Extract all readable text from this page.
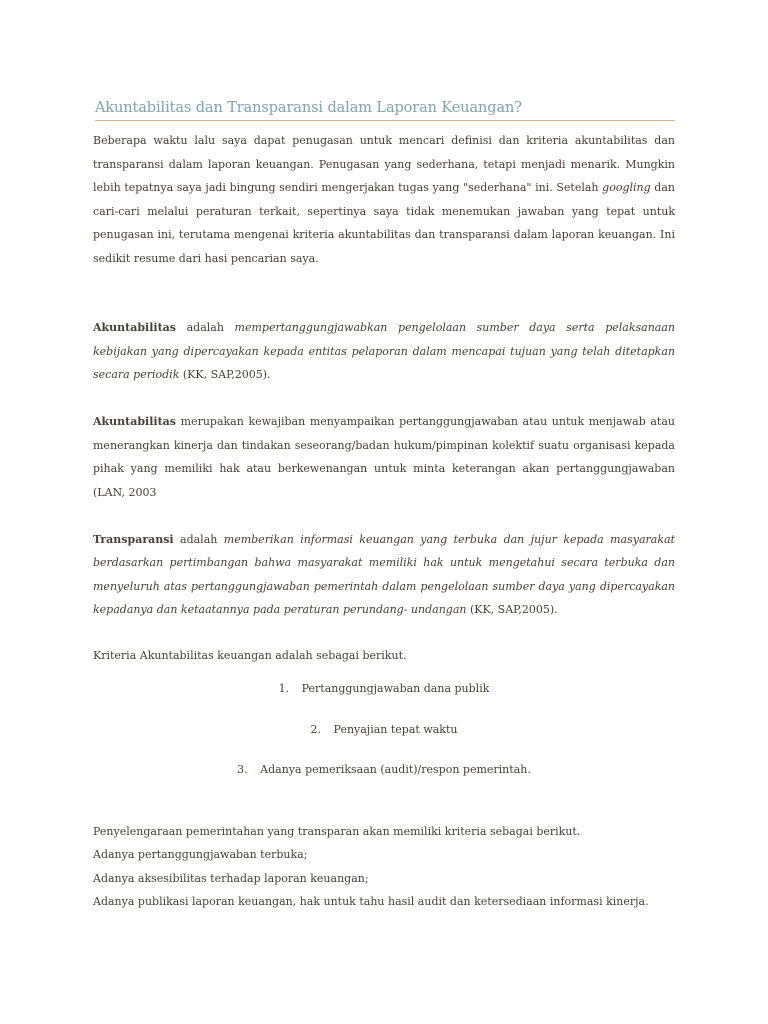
Akuntabilitas dan Transparansi dalam Laporan Keuangan?

Beberapa waktu lalu saya dapat penugasan untuk mencari definisi dan kriteria akuntabilitas dan transparansi dalam laporan keuangan. Penugasan yang sederhana, tetapi menjadi menarik. Mungkin lebih tepatnya saya jadi bingung sendiri mengerjakan tugas yang "sederhana" ini. Setelah googling dan cari-cari melalui peraturan terkait, sepertinya saya tidak menemukan jawaban yang tepat untuk penugasan ini, terutama mengenai kriteria akuntabilitas dan transparansi dalam laporan keuangan. Ini sedikit resume dari hasi pencarian saya.

Akuntabilitas adalah mempertanggungjawabkan pengelolaan sumber daya serta pelaksanaan kebijakan yang dipercayakan kepada entitas pelaporan dalam mencapai tujuan yang telah ditetapkan secara periodik (KK, SAP,2005).

Akuntabilitas merupakan kewajiban menyampaikan pertanggungjawaban atau untuk menjawab atau menerangkan kinerja dan tindakan seseorang/badan hukum/pimpinan kolektif suatu organisasi kepada pihak yang memiliki hak atau berkewenangan untuk minta keterangan akan pertanggungjawaban (LAN, 2003

Transparansi adalah memberikan informasi keuangan yang terbuka dan jujur kepada masyarakat berdasarkan pertimbangan bahwa masyarakat memiliki hak untuk mengetahui secara terbuka dan menyeluruh atas pertanggungjawaban pemerintah dalam pengelolaan sumber daya yang dipercayakan kepadanya dan ketaatannya pada peraturan perundang- undangan (KK, SAP,2005).

Kriteria Akuntabilitas keuangan adalah sebagai berikut.

1. Pertanggungjawaban dana publik
2. Penyajian tepat waktu
3. Adanya pemeriksaan (audit)/respon pemerintah.

Penyelengaraan pemerintahan yang transparan akan memiliki kriteria sebagai berikut.

Adanya pertanggungjawaban terbuka;

Adanya aksesibilitas terhadap laporan keuangan;

Adanya publikasi laporan keuangan, hak untuk tahu hasil audit dan ketersediaan informasi kinerja.
